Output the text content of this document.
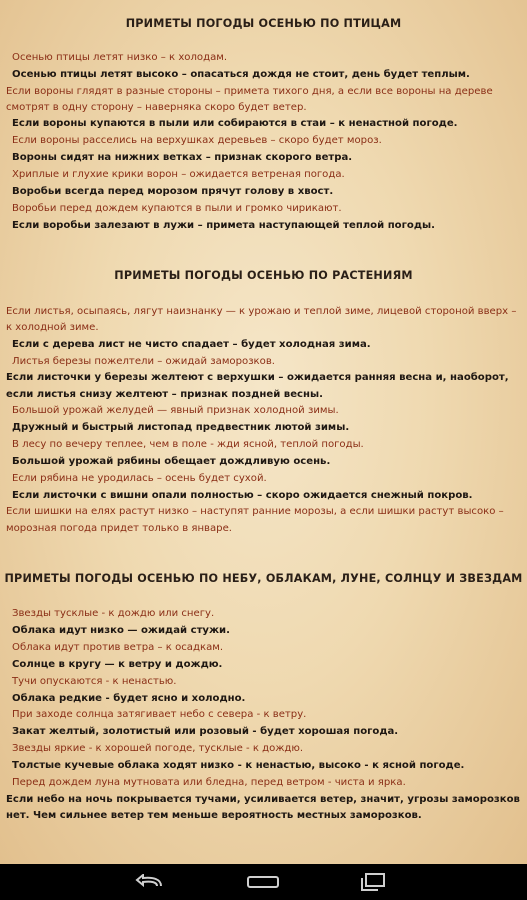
ПРИМЕТЫ ПОГОДЫ ОСЕНЬЮ ПО ПТИЦАМ
Осенью птицы летят низко – к холодам.
Осенью птицы летят высоко – опасаться дождя не стоит, день будет теплым.
Если вороны глядят в разные стороны – примета тихого дня, а если все вороны на дереве смотрят в одну сторону – наверняка скоро будет ветер.
Если вороны купаются в пыли или собираются в стаи – к ненастной погоде.
Если вороны расселись на верхушках деревьев – скоро будет мороз.
Вороны сидят на нижних ветках – признак скорого ветра.
Хриплые и глухие крики ворон – ожидается ветреная погода.
Воробьи всегда перед морозом прячут голову в хвост.
Воробьи перед дождем купаются в пыли и громко чирикают.
Если воробьи залезают в лужи – примета наступающей теплой погоды.
ПРИМЕТЫ ПОГОДЫ ОСЕНЬЮ ПО РАСТЕНИЯМ
Если листья, осыпаясь, лягут наизнанку — к урожаю и теплой зиме, лицевой стороной вверх – к холодной зиме.
Если с дерева лист не чисто спадает – будет холодная зима.
Листья березы пожелтели – ожидай заморозков.
Если листочки у березы желтеют с верхушки – ожидается ранняя весна и, наоборот, если листья снизу желтеют – признак поздней весны.
Большой урожай желудей — явный признак холодной зимы.
Дружный и быстрый листопад предвестник лютой зимы.
В лесу по вечеру теплее, чем в поле - жди ясной, теплой погоды.
Большой урожай рябины обещает дождливую осень.
Если рябина не уродилась – осень будет сухой.
Если листочки с вишни опали полностью – скоро ожидается снежный покров.
Если шишки на елях растут низко – наступят ранние морозы, а если шишки растут высоко – морозная погода придет только в январе.
ПРИМЕТЫ ПОГОДЫ ОСЕНЬЮ ПО НЕБУ, ОБЛАКАМ, ЛУНЕ, СОЛНЦУ И ЗВЕЗДАМ
Звезды тусклые - к дождю или снегу.
Облака идут низко — ожидай стужи.
Облака идут против ветра – к осадкам.
Солнце в кругу — к ветру и дождю.
Тучи опускаются - к ненастью.
Облака редкие - будет ясно и холодно.
При заходе солнца затягивает небо с севера - к ветру.
Закат желтый, золотистый или розовый - будет хорошая погода.
Звезды яркие - к хорошей погоде, тусклые - к дождю.
Толстые кучевые облака ходят низко - к ненастью, высоко - к ясной погоде.
Перед дождем луна мутновата или бледна, перед ветром - чиста и ярка.
Если небо на ночь покрывается тучами, усиливается ветер, значит, угрозы заморозков нет. Чем сильнее ветер тем меньше вероятность местных заморозков.
